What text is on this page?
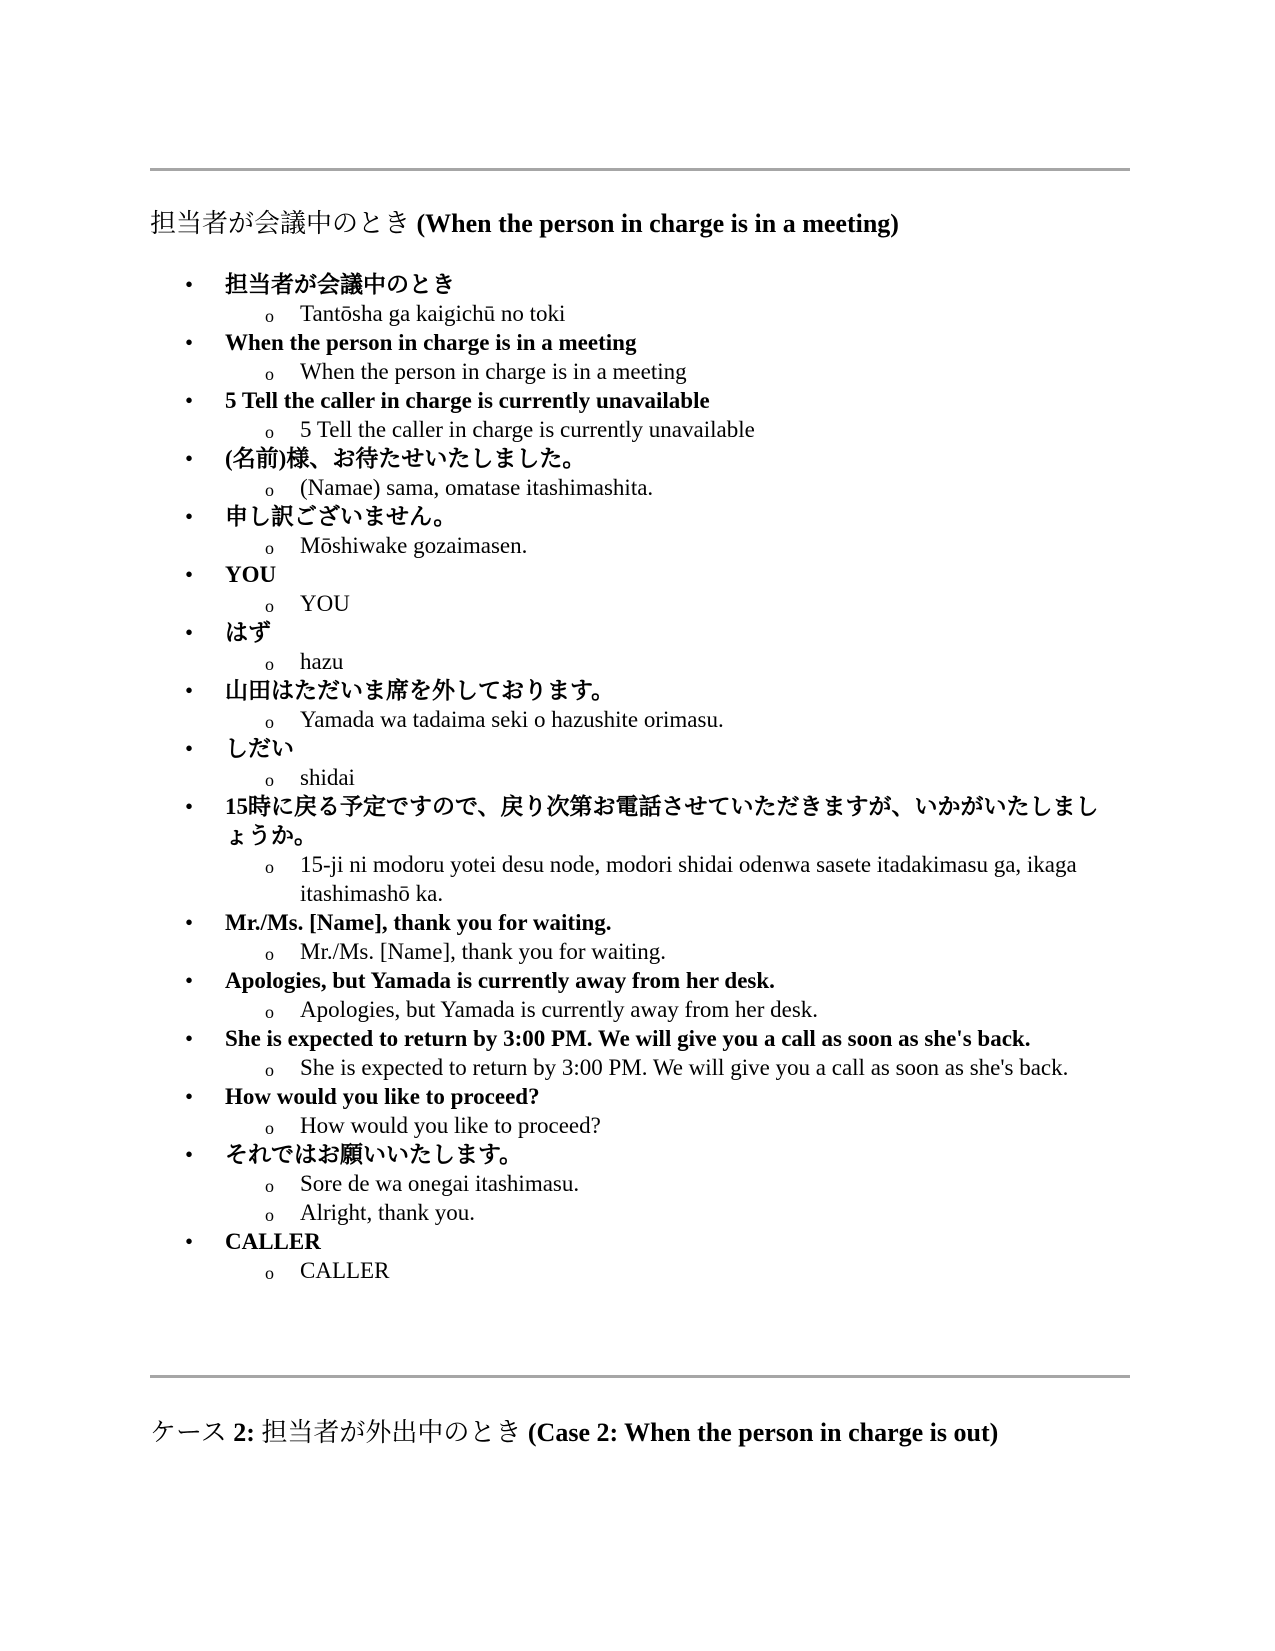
担当者が会議中のとき (When the person in charge is in a meeting)
• 担当者が会議中のとき
o Tantōsha ga kaigichū no toki
• When the person in charge is in a meeting
o When the person in charge is in a meeting
• 5 Tell the caller in charge is currently unavailable
o 5 Tell the caller in charge is currently unavailable
• (名前)様、お待たせいたしました。
o (Namae) sama, omatase itashimashita.
• 申し訳ございません。
o Mōshiwake gozaimasen.
• YOU
o YOU
• はず
o hazu
• 山田はただいま席を外しております。
o Yamada wa tadaima seki o hazushite orimasu.
• しだい
o shidai
• 15時に戻る予定ですので、戻り次第お電話させていただきますが、いかがいたしましょうか。
o 15-ji ni modoru yotei desu node, modori shidai odenwa sasete itadakimasu ga, ikaga itashimashō ka.
• Mr./Ms. [Name], thank you for waiting.
o Mr./Ms. [Name], thank you for waiting.
• Apologies, but Yamada is currently away from her desk.
o Apologies, but Yamada is currently away from her desk.
• She is expected to return by 3:00 PM. We will give you a call as soon as she's back.
o She is expected to return by 3:00 PM. We will give you a call as soon as she's back.
• How would you like to proceed?
o How would you like to proceed?
• それではお願いいたします。
o Sore de wa onegai itashimasu.
o Alright, thank you.
• CALLER
o CALLER
ケース 2: 担当者が外出中のとき (Case 2: When the person in charge is out)
